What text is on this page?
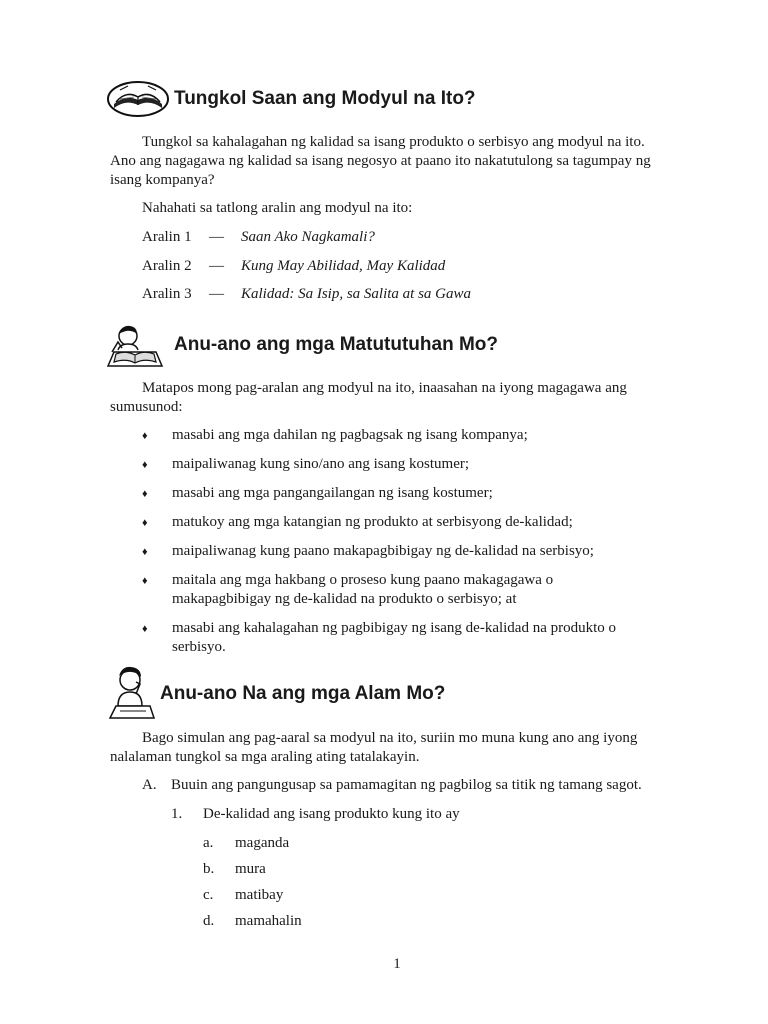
Tungkol Saan ang Modyul na Ito?
Tungkol sa kahalagahan ng kalidad sa isang produkto o serbisyo ang modyul na ito. Ano ang nagagawa ng kalidad sa isang negosyo at paano ito nakatutulong sa tagumpay ng isang kompanya?
Nahahati sa tatlong aralin ang modyul na ito:
Aralin 1 — Saan Ako Nagkamali?
Aralin 2 — Kung May Abilidad, May Kalidad
Aralin 3 — Kalidad: Sa Isip, sa Salita at sa Gawa
Anu-ano ang mga Matututuhan Mo?
Matapos mong pag-aralan ang modyul na ito, inaasahan na iyong magagawa ang sumusunod:
♦ masabi ang mga dahilan ng pagbagsak ng isang kompanya;
♦ maipaliwanag kung sino/ano ang isang kostumer;
♦ masabi ang mga pangangailangan ng isang kostumer;
♦ matukoy ang mga katangian ng produkto at serbisyong de-kalidad;
♦ maipaliwanag kung paano makapagbibigay ng de-kalidad na serbisyo;
♦ maitala ang mga hakbang o proseso kung paano makagagawa o makapagbibigay ng de-kalidad na produkto o serbisyo; at
♦ masabi ang kahalagahan ng pagbibigay ng isang de-kalidad na produkto o serbisyo.
Anu-ano Na ang mga Alam Mo?
Bago simulan ang pag-aaral sa modyul na ito, suriin mo muna kung ano ang iyong nalalaman tungkol sa mga araling ating tatalakayin.
A. Buuin ang pangungusap sa pamamagitan ng pagbilog sa titik ng tamang sagot.
1. De-kalidad ang isang produkto kung ito ay
a. maganda
b. mura
c. matibay
d. mamahalin
1
